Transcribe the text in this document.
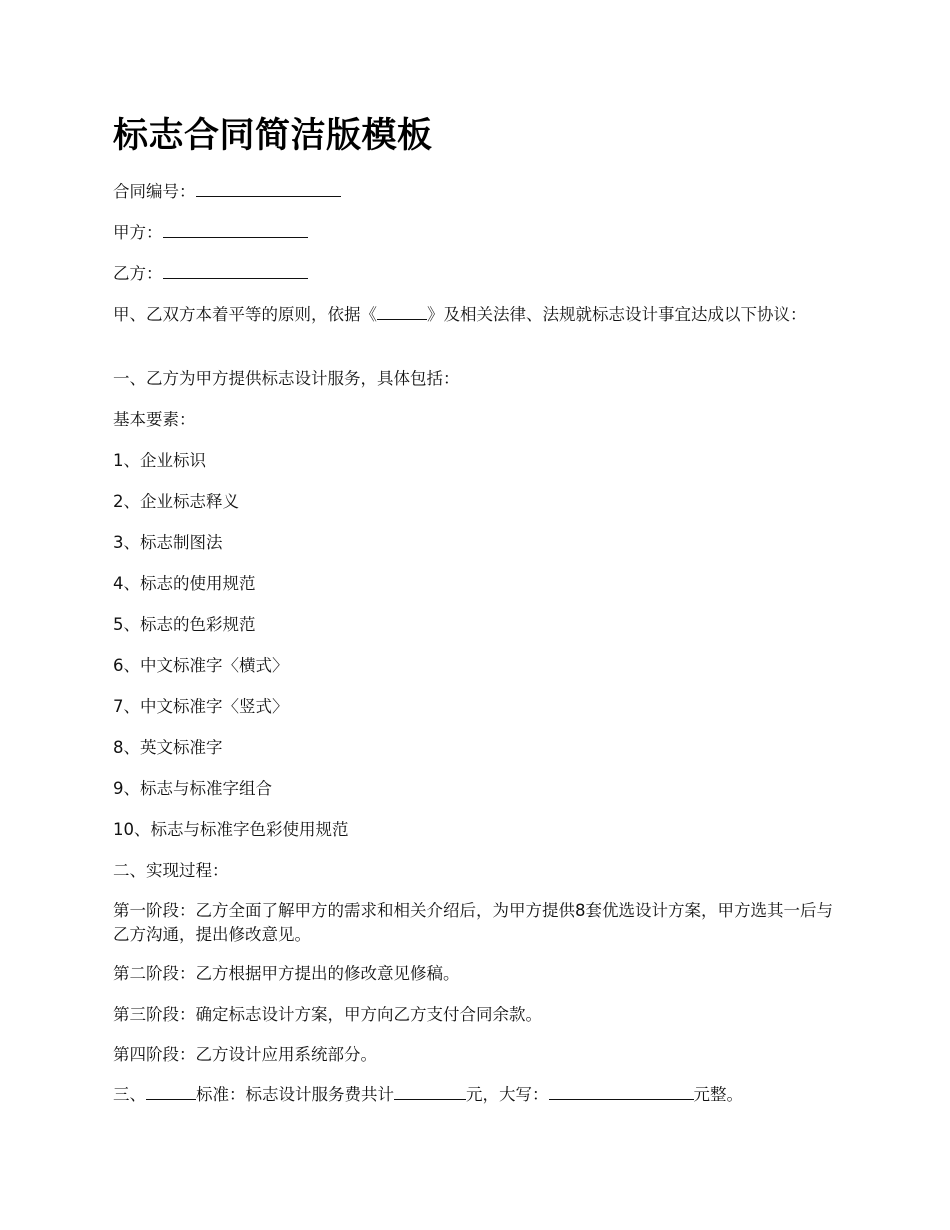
标志合同简洁版模板

合同编号：

甲方：

乙方：

甲、乙双方本着平等的原则，依据《	》及相关法律、法规就标志设计事宜达成以下协议：

一、乙方为甲方提供标志设计服务，具体包括：

基本要素：

1、企业标识

2、企业标志释义

3、标志制图法

4、标志的使用规范

5、标志的色彩规范

6、中文标准字〈横式〉

7、中文标准字〈竖式〉

8、英文标准字

9、标志与标准字组合

10、标志与标准字色彩使用规范

二、实现过程：

第一阶段：乙方全面了解甲方的需求和相关介绍后，为甲方提供8套优选设计方案，甲方选其一后与乙方沟通，提出修改意见。

第二阶段：乙方根据甲方提出的修改意见修稿。

第三阶段：确定标志设计方案，甲方向乙方支付合同余款。

第四阶段：乙方设计应用系统部分。

三、	标准：标志设计服务费共计	元，大写：	元整。
